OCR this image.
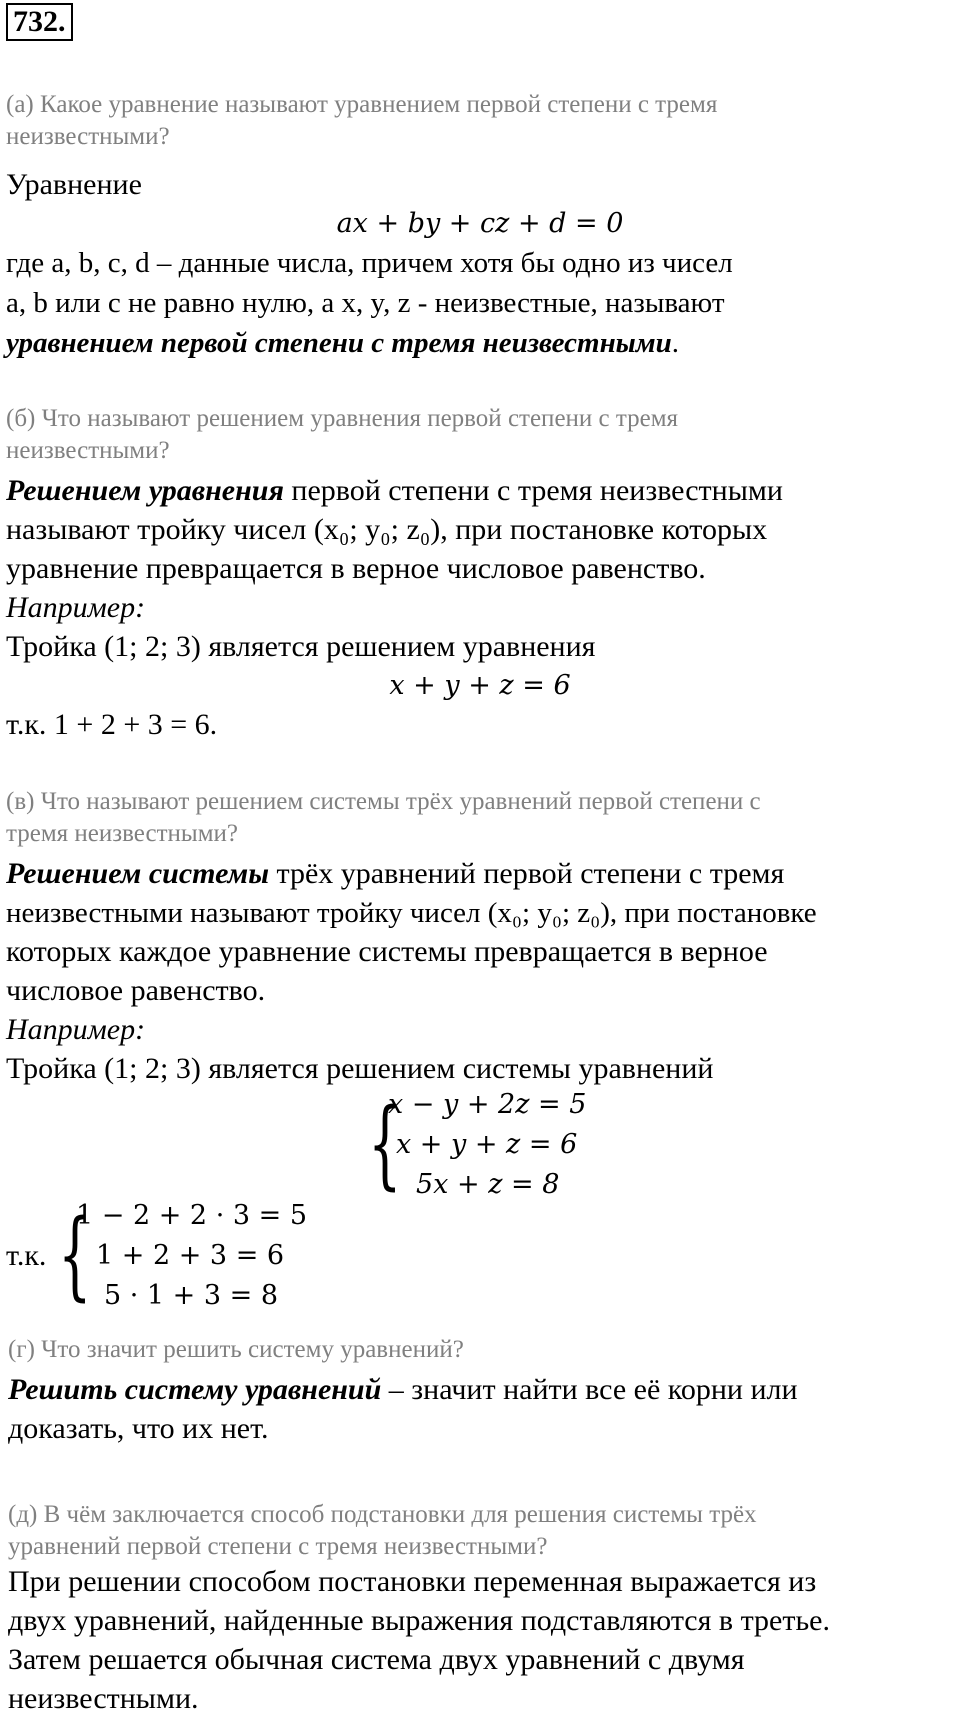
732.
(а) Какое уравнение называют уравнением первой степени с тремя
неизвестными?
Уравнение
ax + by + cz + d = 0
где a, b, c, d – данные числа, причем хотя бы одно из чисел
a, b или c не равно нулю, а x, y, z - неизвестные, называют
уравнением первой степени с тремя неизвестными.
(б) Что называют решением уравнения первой степени с тремя
неизвестными?
Решением уравнения первой степени с тремя неизвестными
называют тройку чисел (x₀; y₀; z₀), при постановке которых
уравнение превращается в верное числовое равенство.
Например:
Тройка (1; 2; 3) является решением уравнения
x + y + z = 6
т.к. 1 + 2 + 3 = 6.
(в) Что называют решением системы трёх уравнений первой степени с
тремя неизвестными?
Решением системы трёх уравнений первой степени с тремя
неизвестными называют тройку чисел (x₀; y₀; z₀), при постановке
которых каждое уравнение системы превращается в верное
числовое равенство.
Например:
Тройка (1; 2; 3) является решением системы уравнений
{
x − y + 2z = 5
x + y + z = 6
5x + z = 8
т.к. {
1 − 2 + 2 · 3 = 5
1 + 2 + 3 = 6
5 · 1 + 3 = 8
(г) Что значит решить систему уравнений?
Решить систему уравнений – значит найти все её корни или
доказать, что их нет.
(д) В чём заключается способ подстановки для решения системы трёх
уравнений первой степени с тремя неизвестными?
При решении способом постановки переменная выражается из
двух уравнений, найденные выражения подставляются в третье.
Затем решается обычная система двух уравнений с двумя
неизвестными.
